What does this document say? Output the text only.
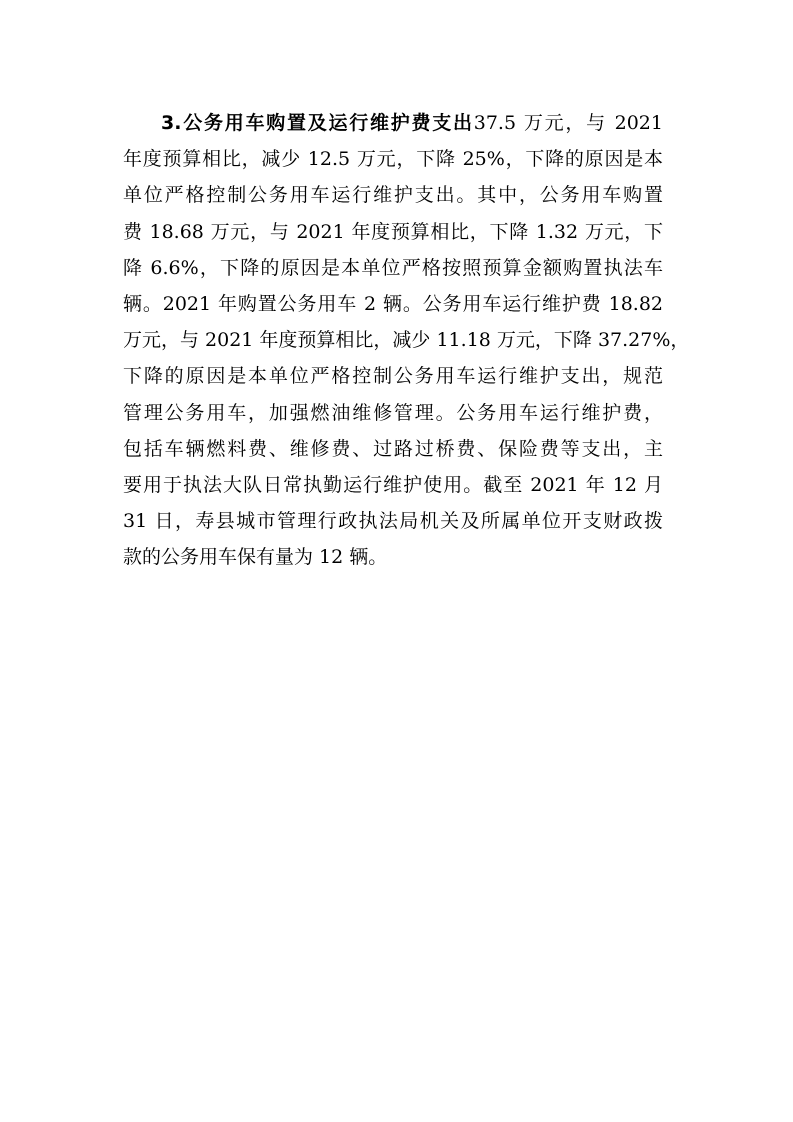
3.公务用车购置及运行维护费支出37.5 万元，与 2021
年度预算相比，减少 12.5 万元，下降 25%，下降的原因是本
单位严格控制公务用车运行维护支出。其中，公务用车购置
费 18.68 万元，与 2021 年度预算相比，下降 1.32 万元，下
降 6.6%，下降的原因是本单位严格按照预算金额购置执法车
辆。2021 年购置公务用车 2 辆。公务用车运行维护费 18.82
万元，与 2021 年度预算相比，减少 11.18 万元，下降 37.27%，
下降的原因是本单位严格控制公务用车运行维护支出，规范
管理公务用车，加强燃油维修管理。公务用车运行维护费，
包括车辆燃料费、维修费、过路过桥费、保险费等支出，主
要用于执法大队日常执勤运行维护使用。截至 2021 年 12 月
31 日，寿县城市管理行政执法局机关及所属单位开支财政拨
款的公务用车保有量为 12 辆。
